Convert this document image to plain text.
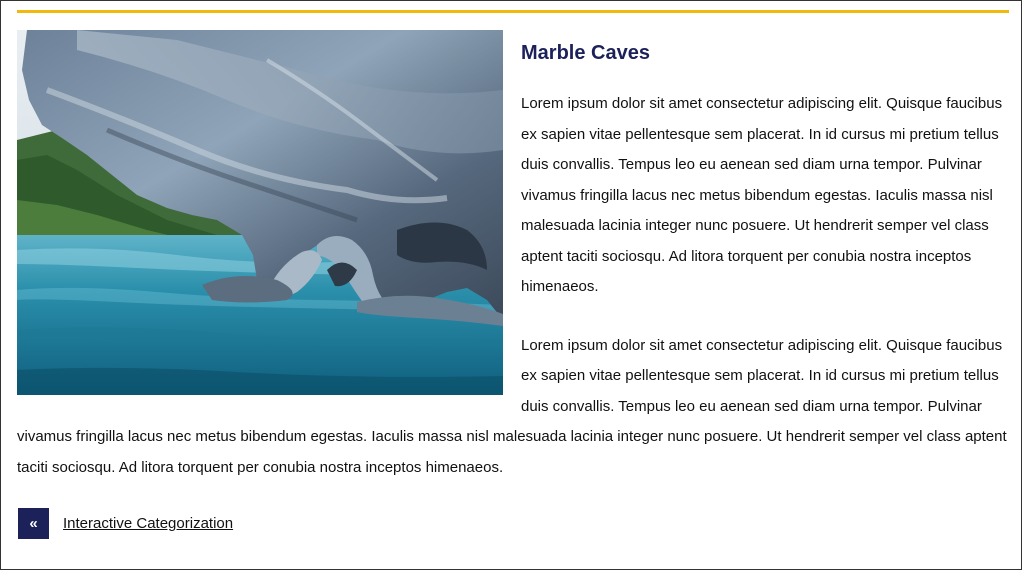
Marble Caves

Lorem ipsum dolor sit amet consectetur adipiscing elit. Quisque faucibus ex sapien vitae pellentesque sem placerat. In id cursus mi pretium tellus duis convallis. Tempus leo eu aenean sed diam urna tempor. Pulvinar vivamus fringilla lacus nec metus bibendum egestas. Iaculis massa nisl malesuada lacinia integer nunc posuere. Ut hendrerit semper vel class aptent taciti sociosqu. Ad litora torquent per conubia nostra inceptos himenaeos.

Lorem ipsum dolor sit amet consectetur adipiscing elit. Quisque faucibus ex sapien vitae pellentesque sem placerat. In id cursus mi pretium tellus duis convallis. Tempus leo eu aenean sed diam urna tempor. Pulvinar vivamus fringilla lacus nec metus bibendum egestas. Iaculis massa nisl malesuada lacinia integer nunc posuere. Ut hendrerit semper vel class aptent taciti sociosqu. Ad litora torquent per conubia nostra inceptos himenaeos.

«	Interactive Categorization
